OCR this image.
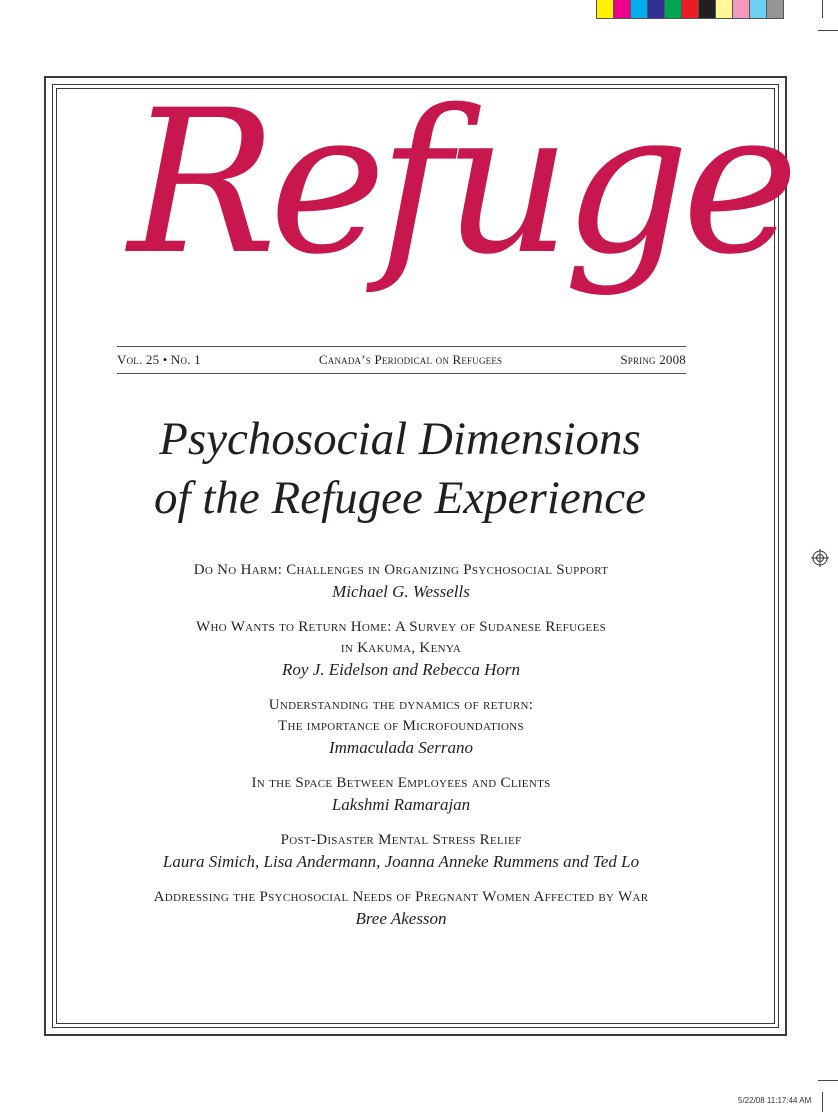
Refuge
Vol. 25 • No. 1	Canada’s Periodical on Refugees	Spring 2008
Psychosocial Dimensions
of the Refugee Experience
Do No Harm: Challenges in Organizing Psychosocial Support
Michael G. Wessells
Who Wants to Return Home: A Survey of Sudanese Refugees
in Kakuma, Kenya
Roy J. Eidelson and Rebecca Horn
Understanding the dynamics of return:
The importance of Microfoundations
Immaculada Serrano
In the Space Between Employees and Clients
Lakshmi Ramarajan
Post-Disaster Mental Stress Relief
Laura Simich, Lisa Andermann, Joanna Anneke Rummens and Ted Lo
Addressing the Psychosocial Needs of Pregnant Women Affected by War
Bree Akesson
5/22/08 11:17:44 AM
